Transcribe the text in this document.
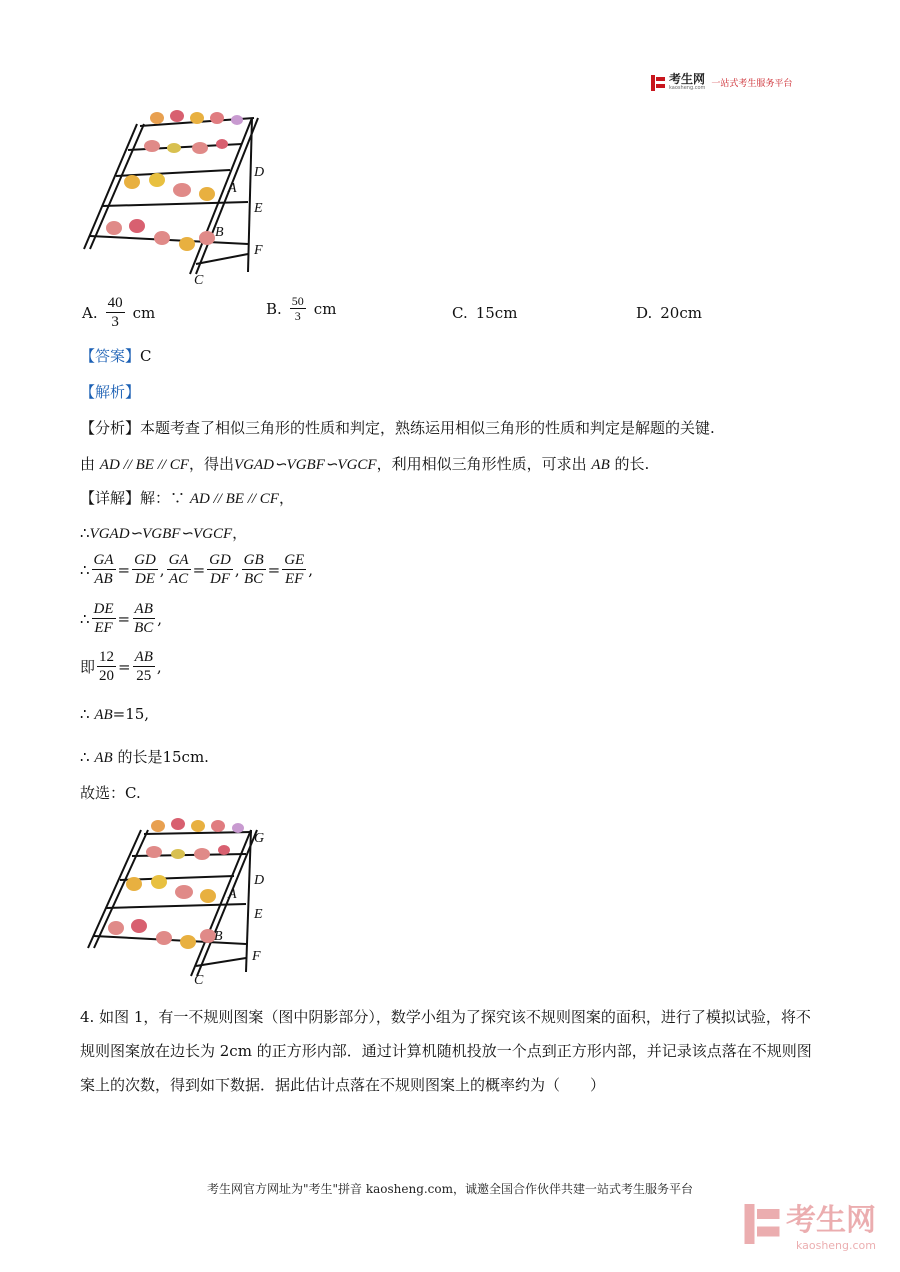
考生网
kaosheng.com 一站式考生服务平台
D
A
E
B
F
C
A. $\frac{40}{3}$ cm	B. $\frac{50}{3}$ cm	C. 15cm	D. 20cm
【答案】C
【解析】
【分析】本题考查了相似三角形的性质和判定，熟练运用相似三角形的性质和判定是解题的关键.
由 AD // BE // CF，得出VGAD∽VGBF∽VGCF，利用相似三角形性质，可求出 AB 的长.
【详解】解：∵ AD // BE // CF，
∴VGAD∽VGBF∽VGCF，
∴ $\frac{GA}{AB} = \frac{GD}{DE}$ , $\frac{GA}{AC} = \frac{GD}{DF}$ , $\frac{GB}{BC} = \frac{GE}{EF}$ ,
∴ $\frac{DE}{EF} = \frac{AB}{BC}$ ,
即 $\frac{12}{20} = \frac{AB}{25}$ ,
∴ AB=15,
∴ AB 的长是15cm.
故选：C.
G
D
A
E
B
F
C
4. 如图 1，有一不规则图案（图中阴影部分），数学小组为了探究该不规则图案的面积，进行了模拟试验，将不规则图案放在边长为 2cm 的正方形内部．通过计算机随机投放一个点到正方形内部，并记录该点落在不规则图案上的次数，得到如下数据．据此估计点落在不规则图案上的概率约为（　　）
考生网官方网址为"考生"拼音 kaosheng.com，诚邀全国合作伙伴共建一站式考生服务平台
考生网
kaosheng.com
